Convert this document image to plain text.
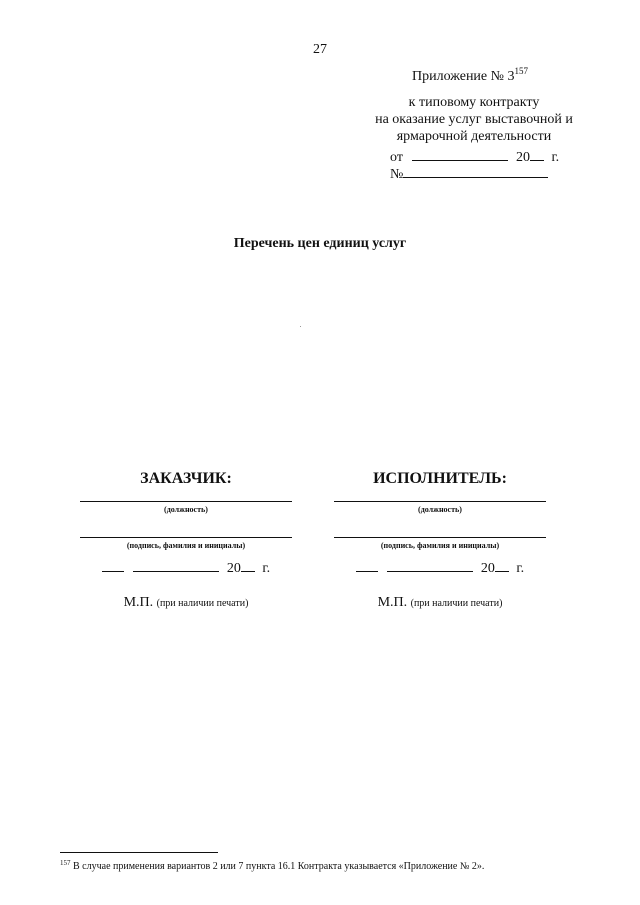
27
Приложение № $3^{157}$
к типовому контракту
на оказание услуг выставочной и
ярмарочной деятельности
от	20 г.
№
Перечень цен единиц услуг
ЗАКАЗЧИК:
(должность)
(подпись, фамилия и инициалы)
20 г.
М.П. (при наличии печати)
ИСПОЛНИТЕЛЬ:
(должность)
(подпись, фамилия и инициалы)
20 г.
М.П. (при наличии печати)
$^{157}$ В случае применения вариантов 2 или 7 пункта 16.1 Контракта указывается «Приложение № 2».
